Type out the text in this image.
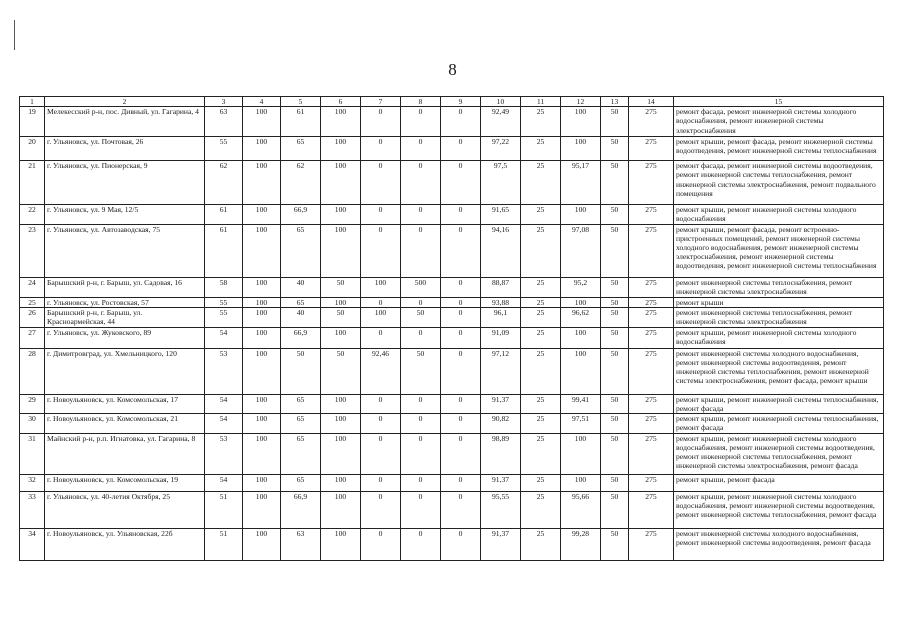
8
1	2	3	4	5	6	7	8	9	10	11	12	13	14	15
19	Мелекесский р-н, пос. Дивный, ул. Гагарина, 4	63	100	61	100	0	0	0	92,49	25	100	50	275	ремонт фасада, ремонт инженерной системы холодного водоснабжения, ремонт инженерной системы электроснабжения
20	г. Ульяновск, ул. Почтовая, 26	55	100	65	100	0	0	0	97,22	25	100	50	275	ремонт крыши, ремонт фасада, ремонт инженерной системы водоотведения, ремонт инженерной системы теплоснабжения
21	г. Ульяновск, ул. Пионерская, 9	62	100	62	100	0	0	0	97,5	25	95,17	50	275	ремонт фасада, ремонт инженерной системы водоотведения, ремонт инженерной системы теплоснабжения, ремонт инженерной системы электроснабжения, ремонт подвального помещения
22	г. Ульяновск, ул. 9 Мая, 12/5	61	100	66,9	100	0	0	0	91,65	25	100	50	275	ремонт крыши, ремонт инженерной системы холодного водоснабжения
23	г. Ульяновск, ул. Автозаводская, 75	61	100	65	100	0	0	0	94,16	25	97,08	50	275	ремонт крыши, ремонт фасада, ремонт встроенно-пристроенных помещений, ремонт инженерной системы холодного водоснабжения, ремонт инженерной системы электроснабжения, ремонт инженерной системы водоотведения, ремонт инженерной системы теплоснабжения
24	Барышский р-н, г. Барыш, ул. Садовая, 16	58	100	40	50	100	500	0	88,87	25	95,2	50	275	ремонт инженерной системы теплоснабжения, ремонт инженерной системы электроснабжения
25	г. Ульяновск, ул. Ростовская, 57	55	100	65	100	0	0	0	93,88	25	100	50	275	ремонт крыши
26	Барышский р-н, г. Барыш, ул. Красноармейская, 44	55	100	40	50	100	50	0	96,1	25	96,62	50	275	ремонт инженерной системы теплоснабжения, ремонт инженерной системы электроснабжения
27	г. Ульяновск, ул. Жуковского, 89	54	100	66,9	100	0	0	0	91,09	25	100	50	275	ремонт крыши, ремонт инженерной системы холодного водоснабжения
28	г. Димитровград, ул. Хмельницкого, 120	53	100	50	50	92,46	50	0	97,12	25	100	50	275	ремонт инженерной системы холодного водоснабжения, ремонт инженерной системы водоотведения, ремонт инженерной системы теплоснабжения, ремонт инженерной системы электроснабжения, ремонт фасада, ремонт крыши
29	г. Новоульяновск, ул. Комсомольская, 17	54	100	65	100	0	0	0	91,37	25	99,41	50	275	ремонт крыши, ремонт инженерной системы теплоснабжения, ремонт фасада
30	г. Новоульяновск, ул. Комсомольская, 21	54	100	65	100	0	0	0	90,82	25	97,51	50	275	ремонт крыши, ремонт инженерной системы теплоснабжения, ремонт фасада
31	Майнский р-н, р.п. Игнатовка, ул. Гагарина, 8	53	100	65	100	0	0	0	98,89	25	100	50	275	ремонт крыши, ремонт инженерной системы холодного водоснабжения, ремонт инженерной системы водоотведения, ремонт инженерной системы теплоснабжения, ремонт инженерной системы электроснабжения, ремонт фасада
32	г. Новоульяновск, ул. Комсомольская, 19	54	100	65	100	0	0	0	91,37	25	100	50	275	ремонт крыши, ремонт фасада
33	г. Ульяновск, ул. 40-летия Октября, 25	51	100	66,9	100	0	0	0	95,55	25	95,66	50	275	ремонт крыши, ремонт инженерной системы холодного водоснабжения, ремонт инженерной системы водоотведения, ремонт инженерной системы теплоснабжения, ремонт фасада
34	г. Новоульяновск, ул. Ульяновская, 22б	51	100	63	100	0	0	0	91,37	25	99,28	50	275	ремонт инженерной системы холодного водоснабжения, ремонт инженерной системы водоотведения, ремонт фасада
